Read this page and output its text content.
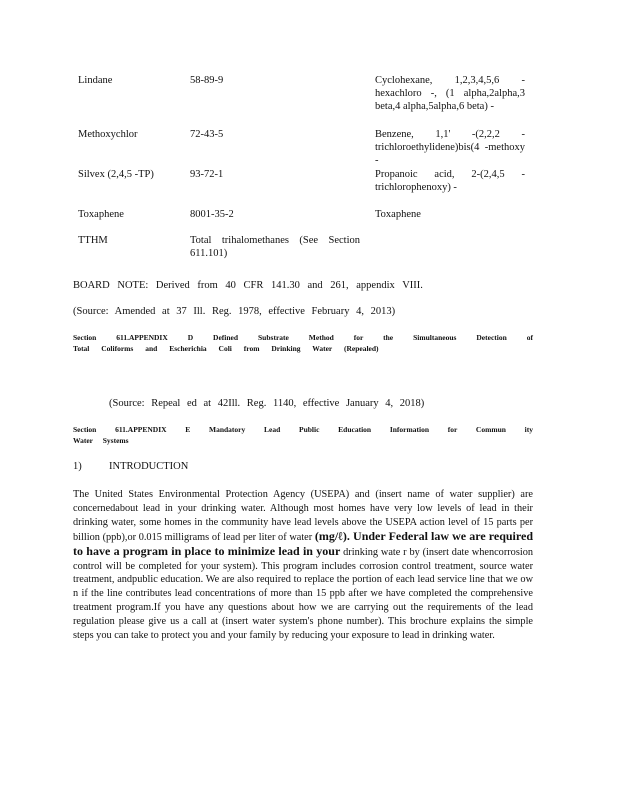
Lindane	58-89-9	Cyclohexane, 1,2,3,4,5,6 - hexachloro -, (1 alpha,2alpha,3 beta,4 alpha,5alpha,6 beta) -
Methoxychlor	72-43-5	Benzene, 1,1' -(2,2,2 - trichloroethylidene)bis(4 -methoxy -
Silvex (2,4,5 -TP)	93-72-1	Propanoic acid, 2-(2,4,5 - trichlorophenoxy) -
Toxaphene	8001-35-2	Toxaphene
TTHM	Total trihalomethanes (See Section 611.101)
BOARD NOTE: Derived from 40 CFR 141.30 and 261, appendix VIII.
(Source: Amended at 37 Ill. Reg. 1978, effective February 4, 2013)
Section 611.APPENDIX D Defined Substrate Method for the Simultaneous Detection of
Total Coliforms and Escherichia Coli from Drinking Water (Repealed)
(Source: Repeal ed at 42Ill. Reg. 1140, effective January 4, 2018)
Section 611.APPENDIX E Mandatory Lead Public Education Information for Commun ity
Water Systems
1)	INTRODUCTION
The United States Environmental Protection Agency (USEPA) and (insert name of water supplier) are concernedabout lead in your drinking water. Although most homes have very low levels of lead in their drinking water, some homes in the community have lead levels above the USEPA action level of 15 parts per billion (ppb),or 0.015 milligrams of lead per liter of water (mg/ℓ). Under Federal law we are required to have a program in place to minimize lead in your drinking wate r by (insert date whencorrosion control will be completed for your system). This program includes corrosion control treatment, source water treatment, andpublic education. We are also required to replace the portion of each lead service line that we ow n if the line contributes lead concentrations of more than 15 ppb after we have completed the comprehensive treatment program.If you have any questions about how we are carrying out the requirements of the lead regulation please give us a call at (insert water system's phone number). This brochure explains the simple steps you can take to protect you and your family by reducing your exposure to lead in drinking water.
